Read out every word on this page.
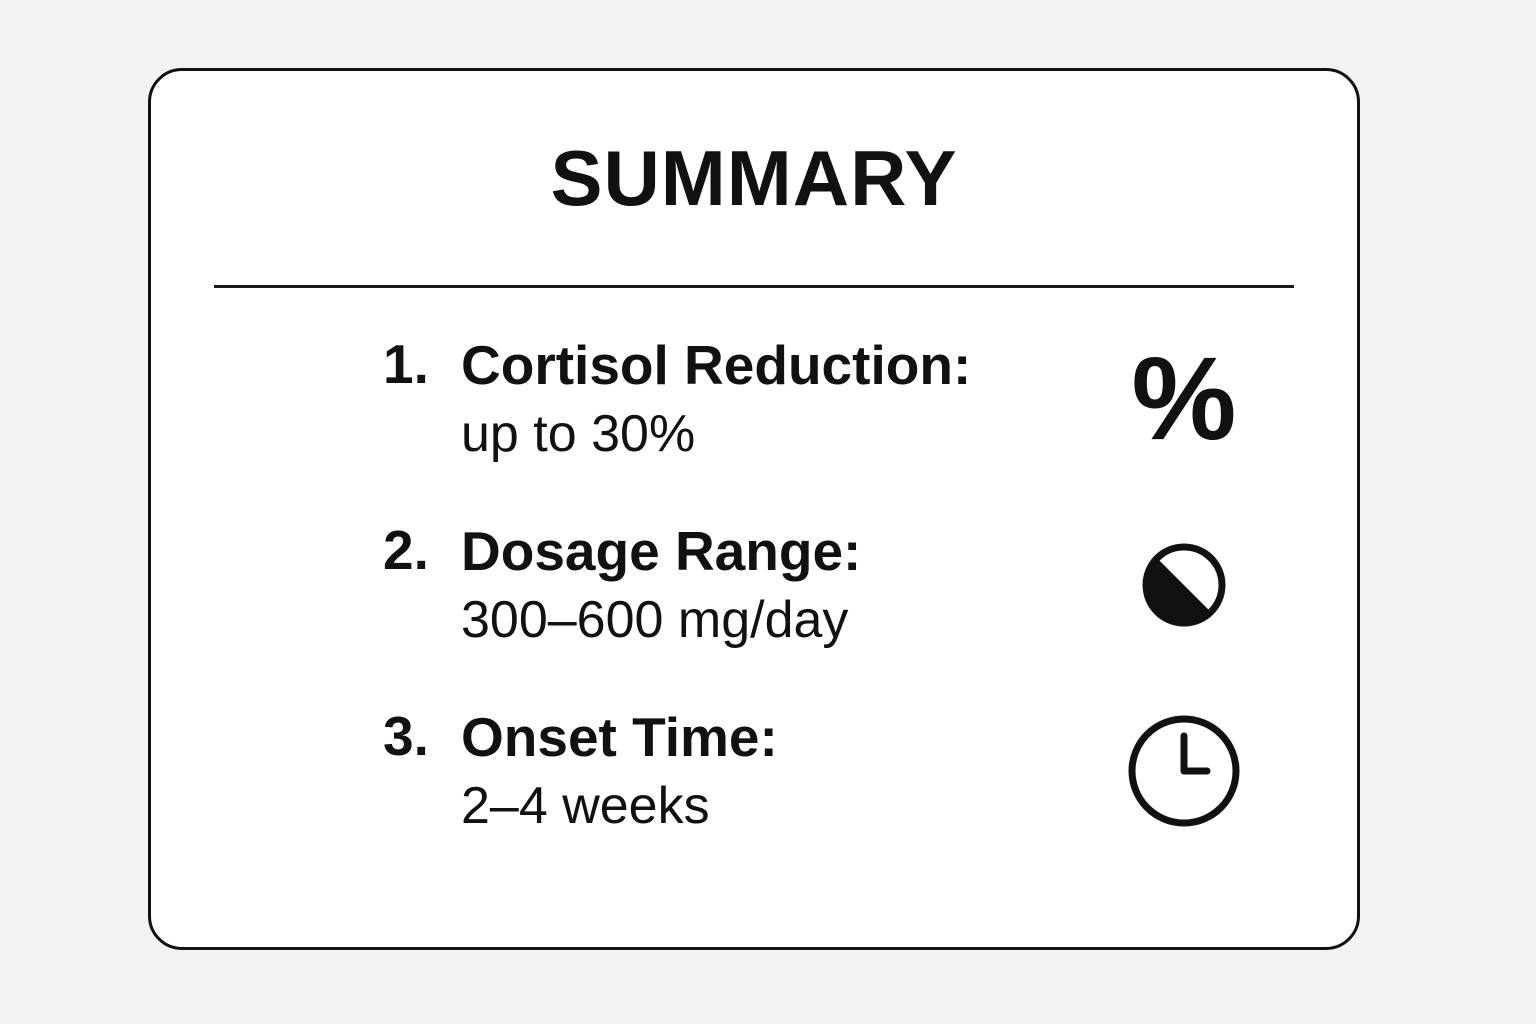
SUMMARY
1. Cortisol Reduction:
up to 30%	%
2. Dosage Range:
300–600 mg/day
3. Onset Time:
2–4 weeks
